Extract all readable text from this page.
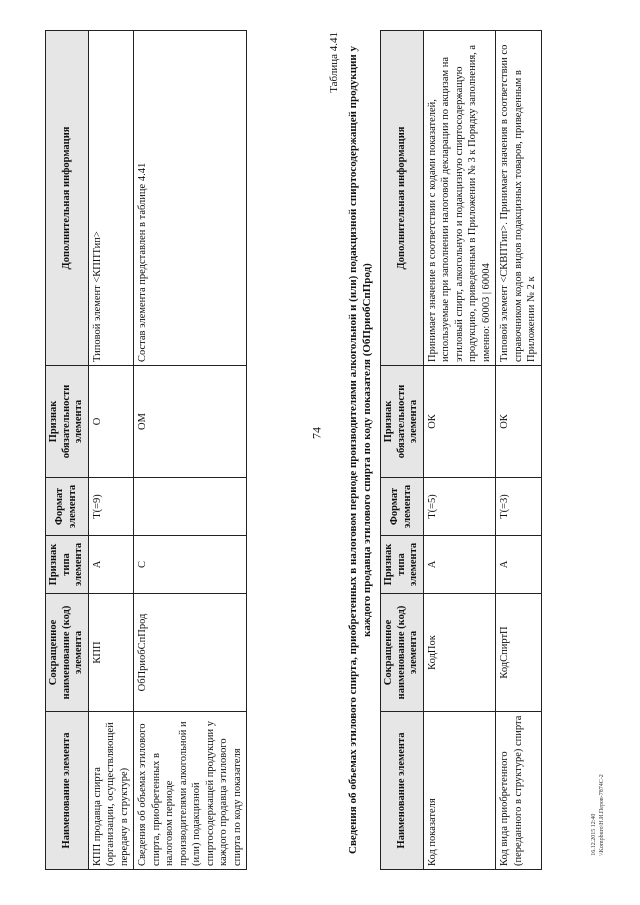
74
16.12.2015 12:40 \\Kompburo\Н.И.Перов-7874С-2
Наименование элемента	Сокращенное наименование (код) элемента	Признак типа элемента	Формат элемента	Признак обязательности элемента	Дополнительная информация
КПП продавца спирта (организации, осуществляющей передачу в структуре)	КПП	А	T(=9)	О	Типовой элемент <КППТип>
Сведения об объемах этилового спирта, приобретенных в налоговом периоде производителями алкогольной и (или) подакцизной спиртосодержащей продукции у каждого продавца этилового спирта по коду показателя	ОбПриобСпПрод	С		ОМ	Состав элемента представлен в таблице 4.41
Таблица 4.41 Сведения об объемах этилового спирта, приобретенных в налоговом периоде производителями алкогольной и (или) подакцизной спиртосодержащей продукции у каждого продавца этилового спирта по коду показателя (ОбПриобСпПрод)
Наименование элемента	Сокращенное наименование (код) элемента	Признак типа элемента	Формат элемента	Признак обязательности элемента	Дополнительная информация
Код показателя	КодПок	А	T(=5)	ОК	Принимает значение в соответствии с кодами показателей, используемые при заполнении налоговой декларации по акцизам на этиловый спирт, алкогольную и подакцизную спиртосодержащую продукцию, приведенным в Приложении № 3 к Порядку заполнения, а именно: 60003 | 60004
Код вида приобретенного (переданного в структуре) спирта	КодСпиртП	А	T(=3)	ОК	Типовой элемент <СКВПТип>. Принимает значения в соответствии со справочником кодов видов подакцизных товаров, приведенным в Приложении № 2 к
